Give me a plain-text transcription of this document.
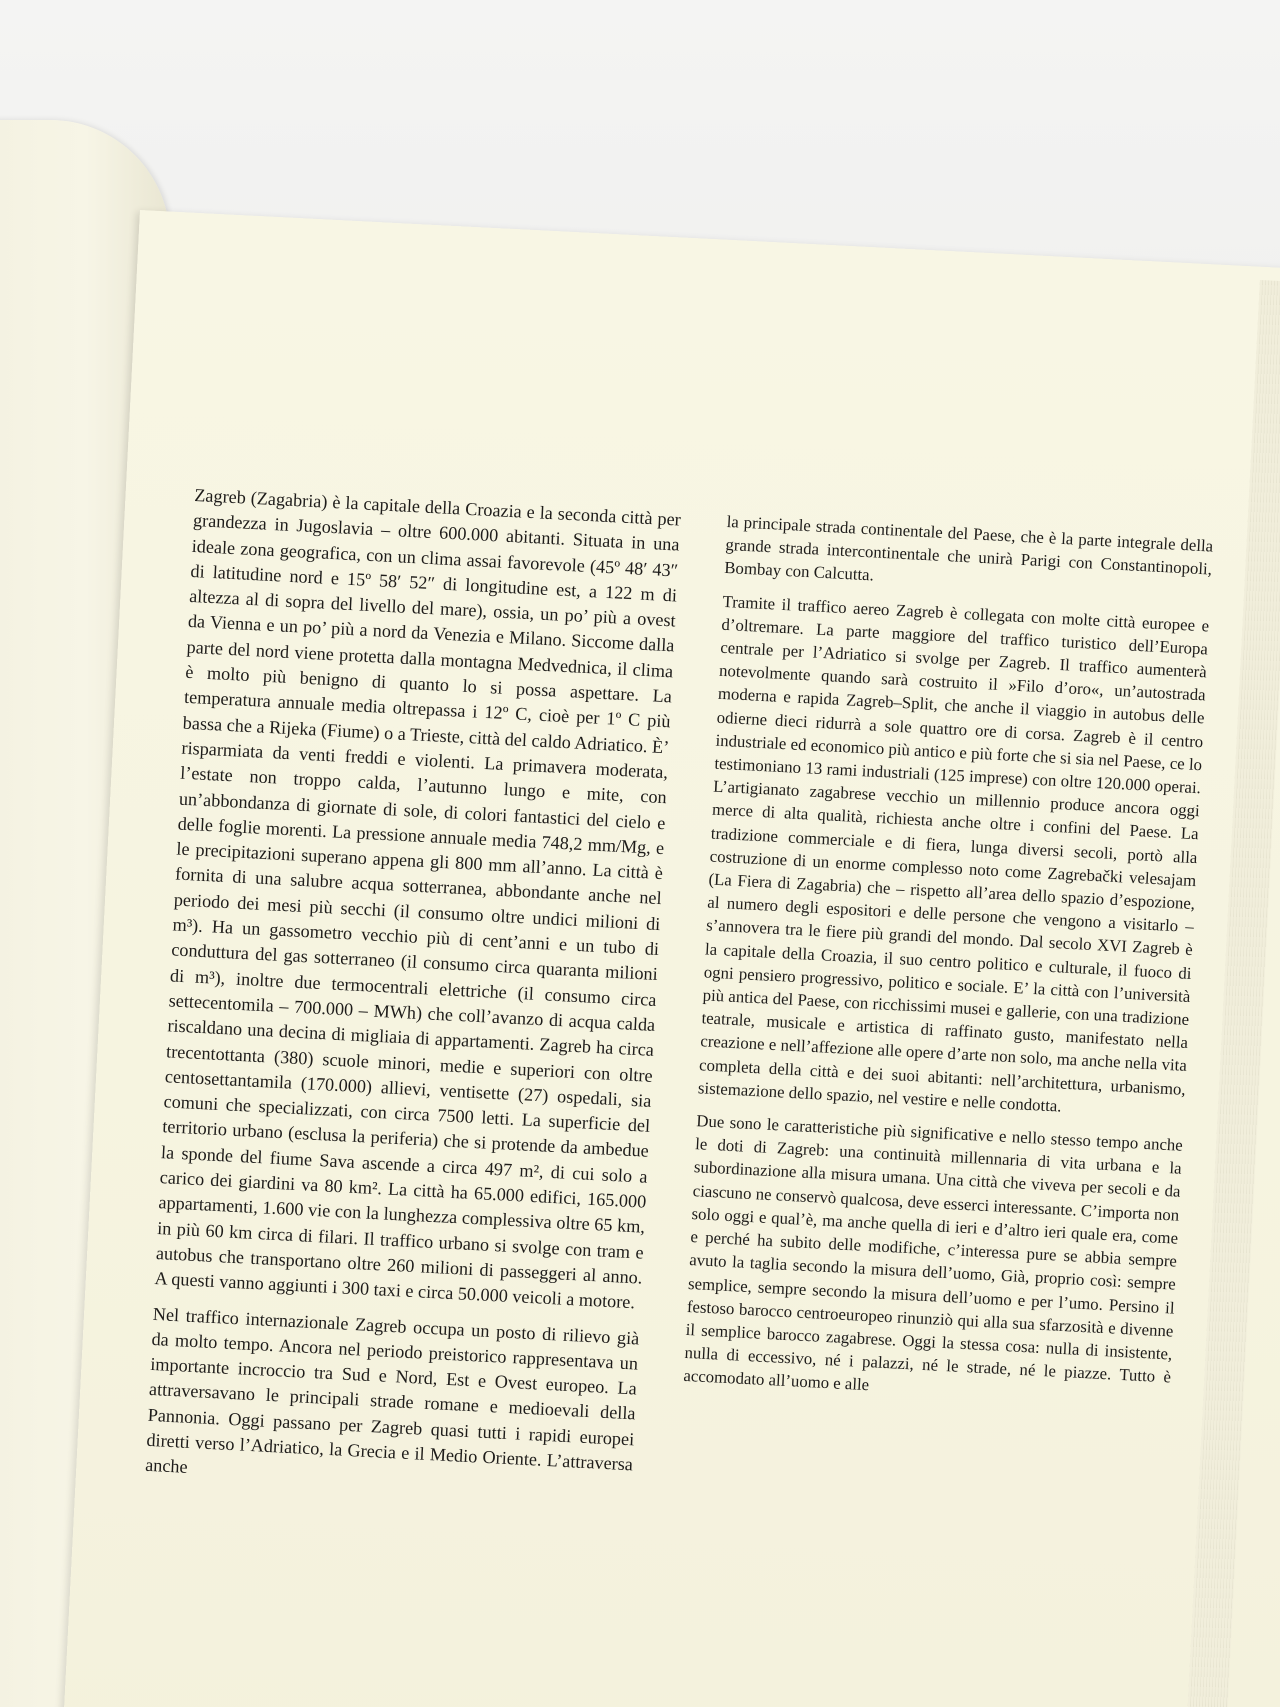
Zagreb (Zagabria) è la capitale della Croazia e la seconda città per grandezza in Jugoslavia – oltre 600.000 abitanti. Situata in una ideale zona geografica, con un clima assai favorevole (45º 48′ 43″ di latitudine nord e 15º 58′ 52″ di longitudine est, a 122 m di altezza al di sopra del livello del mare), ossia, un po’ più a ovest da Vienna e un po’ più a nord da Venezia e Milano. Siccome dalla parte del nord viene protetta dalla montagna Medvednica, il clima è molto più benigno di quanto lo si possa aspettare. La temperatura annuale media oltrepassa i 12º C, cioè per 1º C più bassa che a Rijeka (Fiume) o a Trieste, città del caldo Adriatico. È’ risparmiata da venti freddi e violenti. La primavera moderata, l’estate non troppo calda, l’autunno lungo e mite, con un’abbondanza di giornate di sole, di colori fantastici del cielo e delle foglie morenti. La pressione annuale media 748,2 mm/Mg, e le precipitazioni superano appena gli 800 mm all’anno. La città è fornita di una salubre acqua sotterranea, abbondante anche nel periodo dei mesi più secchi (il consumo oltre undici milioni di m³). Ha un gassometro vecchio più di cent’anni e un tubo di conduttura del gas sotterraneo (il consumo circa quaranta milioni di m³), inoltre due termocentrali elettriche (il consumo circa settecentomila – 700.000 – MWh) che coll’avanzo di acqua calda riscaldano una decina di migliaia di appartamenti. Zagreb ha circa trecentottanta (380) scuole minori, medie e superiori con oltre centosettantamila (170.000) allievi, ventisette (27) ospedali, sia comuni che specializzati, con circa 7500 letti. La superficie del territorio urbano (esclusa la periferia) che si protende da ambedue la sponde del fiume Sava ascende a circa 497 m², di cui solo a carico dei giardini va 80 km². La città ha 65.000 edifici, 165.000 appartamenti, 1.600 vie con la lunghezza complessiva oltre 65 km, in più 60 km circa di filari. Il traffico urbano si svolge con tram e autobus che transportano oltre 260 milioni di passeggeri al anno. A questi vanno aggiunti i 300 taxi e circa 50.000 veicoli a motore.

Nel traffico internazionale Zagreb occupa un posto di rilievo già da molto tempo. Ancora nel periodo preistorico rappresentava un importante incroccio tra Sud e Nord, Est e Ovest europeo. La attraversavano le principali strade romane e medioevali della Pannonia. Oggi passano per Zagreb quasi tutti i rapidi europei diretti verso l’Adriatico, la Grecia e il Medio Oriente. L’attraversa anche

la principale strada continentale del Paese, che è la parte integrale della grande strada intercontinentale che unirà Parigi con Constantinopoli, Bombay con Calcutta.

Tramite il traffico aereo Zagreb è collegata con molte città europee e d’oltremare. La parte maggiore del traffico turistico dell’Europa centrale per l’Adriatico si svolge per Zagreb. Il traffico aumenterà notevolmente quando sarà costruito il »Filo d’oro«, un’autostrada moderna e rapida Zagreb–Split, che anche il viaggio in autobus delle odierne dieci ridurrà a sole quattro ore di corsa. Zagreb è il centro industriale ed economico più antico e più forte che si sia nel Paese, ce lo testimoniano 13 rami industriali (125 imprese) con oltre 120.000 operai. L’artigianato zagabrese vecchio un millennio produce ancora oggi merce di alta qualità, richiesta anche oltre i confini del Paese. La tradizione commerciale e di fiera, lunga diversi secoli, portò alla costruzione di un enorme complesso noto come Zagrebački velesajam (La Fiera di Zagabria) che – rispetto all’area dello spazio d’espozione, al numero degli espositori e delle persone che vengono a visitarlo – s’annovera tra le fiere più grandi del mondo. Dal secolo XVI Zagreb è la capitale della Croazia, il suo centro politico e culturale, il fuoco di ogni pensiero progressivo, politico e sociale. E’ la città con l’università più antica del Paese, con ricchissimi musei e gallerie, con una tradizione teatrale, musicale e artistica di raffinato gusto, manifestato nella creazione e nell’affezione alle opere d’arte non solo, ma anche nella vita completa della città e dei suoi abitanti: nell’architettura, urbanismo, sistemazione dello spazio, nel vestire e nelle condotta.

Due sono le caratteristiche più significative e nello stesso tempo anche le doti di Zagreb: una continuità millennaria di vita urbana e la subordinazione alla misura umana. Una città che viveva per secoli e da ciascuno ne conservò qualcosa, deve esserci interessante. C’importa non solo oggi e qual’è, ma anche quella di ieri e d’altro ieri quale era, come e perché ha subito delle modifiche, c’interessa pure se abbia sempre avuto la taglia secondo la misura dell’uomo, Già, proprio così: sempre semplice, sempre secondo la misura dell’uomo e per l’umo. Persino il festoso barocco centroeuropeo rinunziò qui alla sua sfarzosità e divenne il semplice barocco zagabrese. Oggi la stessa cosa: nulla di insistente, nulla di eccessivo, né i palazzi, né le strade, né le piazze. Tutto è accomodato all’uomo e alle
